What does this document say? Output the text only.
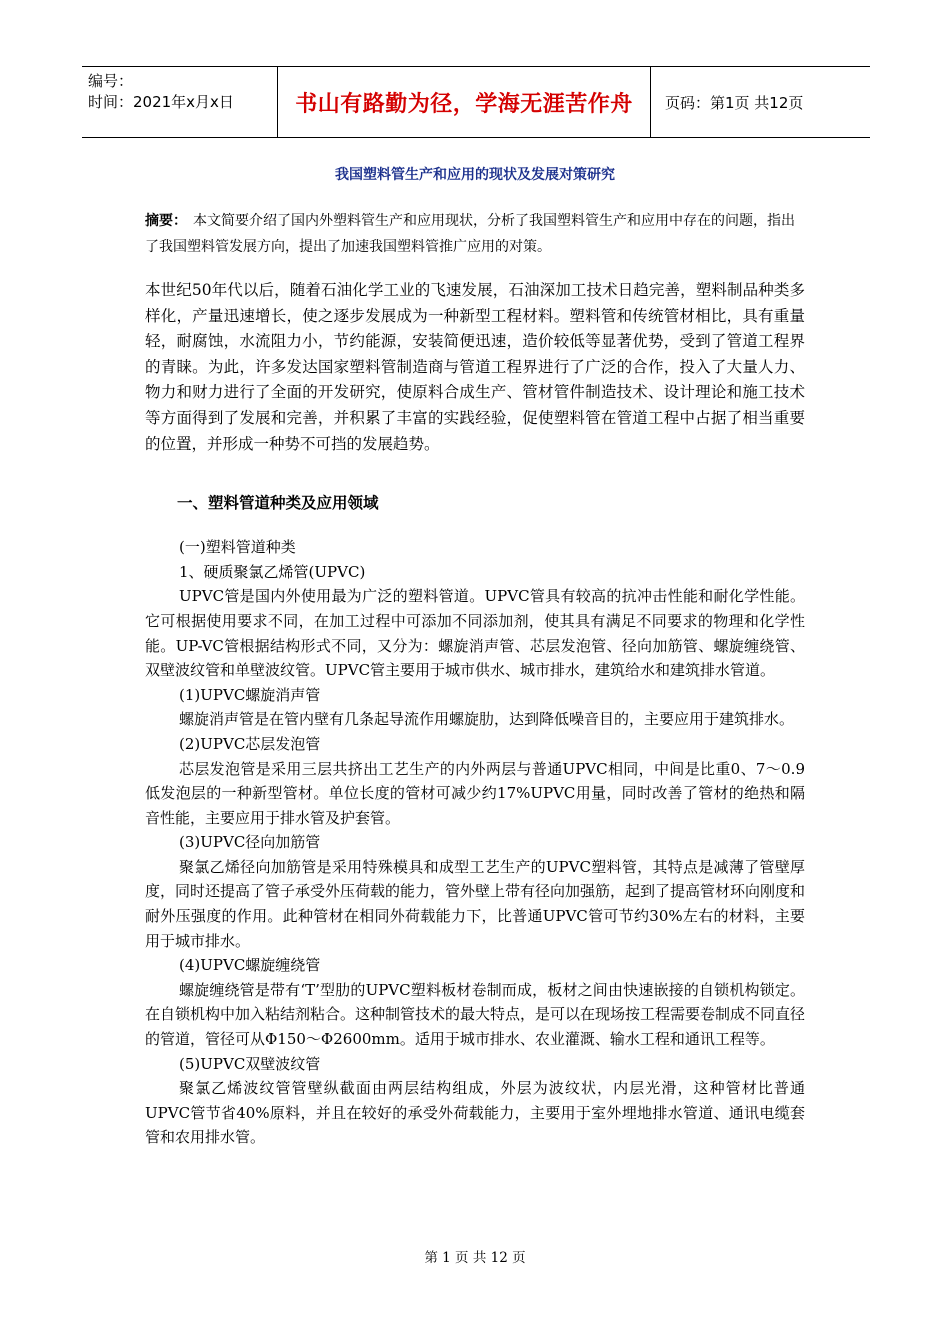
编号：
时间：2021年x月x日	书山有路勤为径，学海无涯苦作舟	页码：第1页 共12页
我国塑料管生产和应用的现状及发展对策研究
摘要： 本文简要介绍了国内外塑料管生产和应用现状，分析了我国塑料管生产和应用中存在的问题，指出了我国塑料管发展方向，提出了加速我国塑料管推广应用的对策。

本世纪50年代以后，随着石油化学工业的飞速发展，石油深加工技术日趋完善，塑料制品种类多样化，产量迅速增长，使之逐步发展成为一种新型工程材料。塑料管和传统管材相比，具有重量轻，耐腐蚀，水流阻力小，节约能源，安装简便迅速，造价较低等显著优势，受到了管道工程界的青睐。为此，许多发达国家塑料管制造商与管道工程界进行了广泛的合作，投入了大量人力、物力和财力进行了全面的开发研究，使原料合成生产、管材管件制造技术、设计理论和施工技术等方面得到了发展和完善，并积累了丰富的实践经验，促使塑料管在管道工程中占据了相当重要的位置，并形成一种势不可挡的发展趋势。

一、塑料管道种类及应用领域

(一)塑料管道种类

1、硬质聚氯乙烯管(UPVC)

UPVC管是国内外使用最为广泛的塑料管道。UPVC管具有较高的抗冲击性能和耐化学性能。它可根据使用要求不同，在加工过程中可添加不同添加剂，使其具有满足不同要求的物理和化学性能。UP-VC管根据结构形式不同，又分为：螺旋消声管、芯层发泡管、径向加筋管、螺旋缠绕管、双壁波纹管和单壁波纹管。UPVC管主要用于城市供水、城市排水，建筑给水和建筑排水管道。

(1)UPVC螺旋消声管

螺旋消声管是在管内壁有几条起导流作用螺旋肋，达到降低噪音目的，主要应用于建筑排水。

(2)UPVC芯层发泡管

芯层发泡管是采用三层共挤出工艺生产的内外两层与普通UPVC相同，中间是比重0、7～0.9低发泡层的一种新型管材。单位长度的管材可减少约17%UPVC用量，同时改善了管材的绝热和隔音性能，主要应用于排水管及护套管。

(3)UPVC径向加筋管

聚氯乙烯径向加筋管是采用特殊模具和成型工艺生产的UPVC塑料管，其特点是减薄了管壁厚度，同时还提高了管子承受外压荷载的能力，管外壁上带有径向加强筋，起到了提高管材环向刚度和耐外压强度的作用。此种管材在相同外荷载能力下，比普通UPVC管可节约30%左右的材料，主要用于城市排水。

(4)UPVC螺旋缠绕管

螺旋缠绕管是带有‘T’型肋的UPVC塑料板材卷制而成，板材之间由快速嵌接的自锁机构锁定。在自锁机构中加入粘结剂粘合。这种制管技术的最大特点，是可以在现场按工程需要卷制成不同直径的管道，管径可从Φ150～Φ2600mm。适用于城市排水、农业灌溉、输水工程和通讯工程等。

(5)UPVC双壁波纹管

聚氯乙烯波纹管管壁纵截面由两层结构组成，外层为波纹状，内层光滑，这种管材比普通UPVC管节省40%原料，并且在较好的承受外荷载能力，主要用于室外埋地排水管道、通讯电缆套管和农用排水管。

第 1 页 共 12 页
